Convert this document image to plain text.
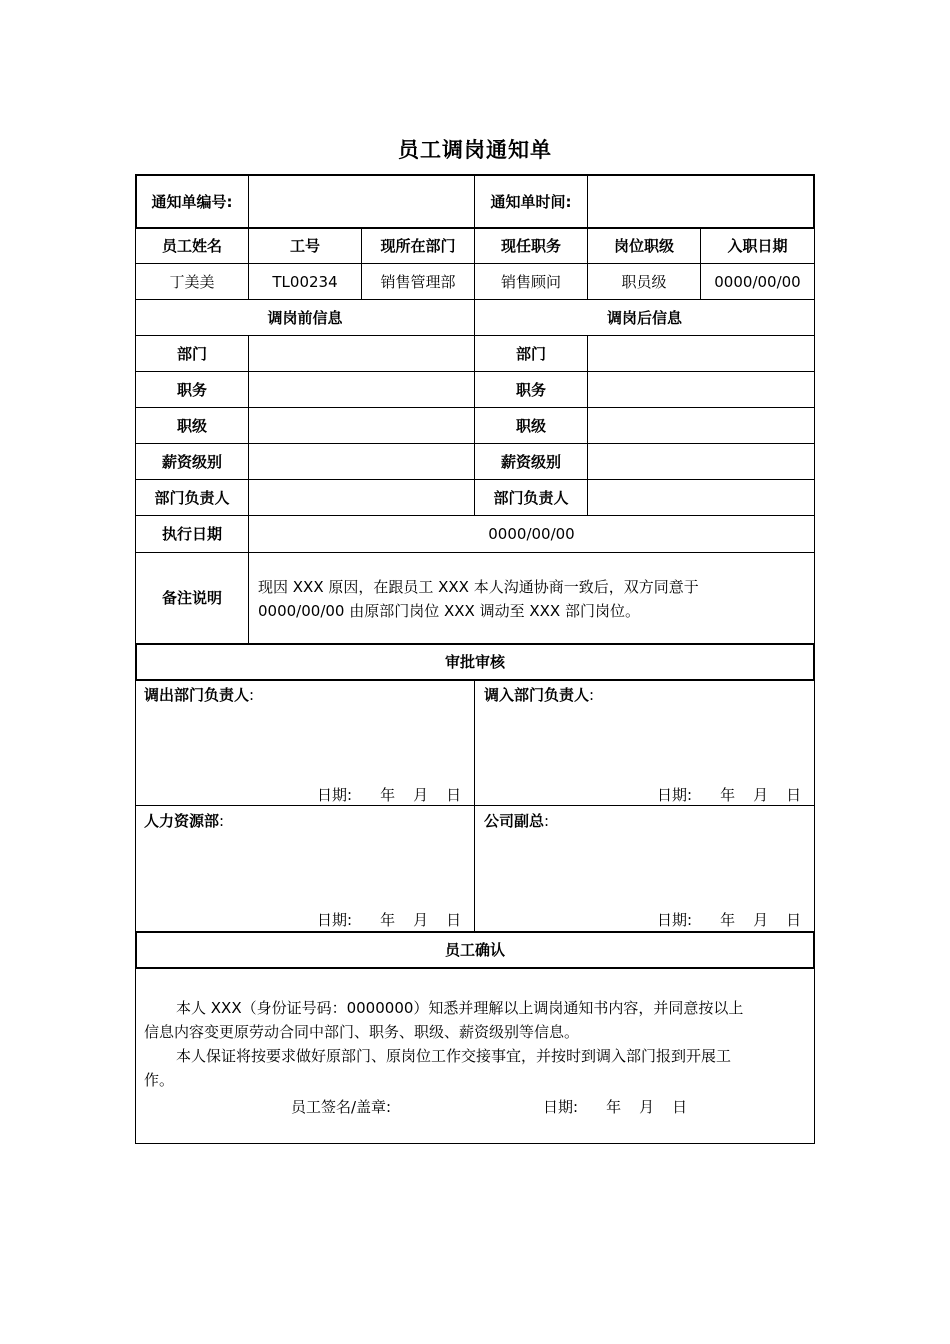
员工调岗通知单
通知单编号:	通知单时间:
员工姓名	工号	现所在部门	现任职务	岗位职级	入职日期
丁美美	TL00234	销售管理部	销售顾问	职员级	0000/00/00
调岗前信息	调岗后信息
部门	部门
职务	职务
职级	职级
薪资级别	薪资级别
部门负责人	部门负责人
执行日期	0000/00/00
备注说明
现因 XXX 原因，在跟员工 XXX 本人沟通协商一致后，双方同意于
0000/00/00 由原部门岗位 XXX 调动至 XXX 部门岗位。
审批审核
调出部门负责人:	调入部门负责人:
日期: 年 月 日	日期: 年 月 日
人力资源部:	公司副总:
日期: 年 月 日	日期: 年 月 日
员工确认
本人 XXX（身份证号码：0000000）知悉并理解以上调岗通知书内容，并同意按以上
信息内容变更原劳动合同中部门、职务、职级、薪资级别等信息。
本人保证将按要求做好原部门、原岗位工作交接事宜，并按时到调入部门报到开展工
作。
员工签名/盖章:	日期: 年 月 日
